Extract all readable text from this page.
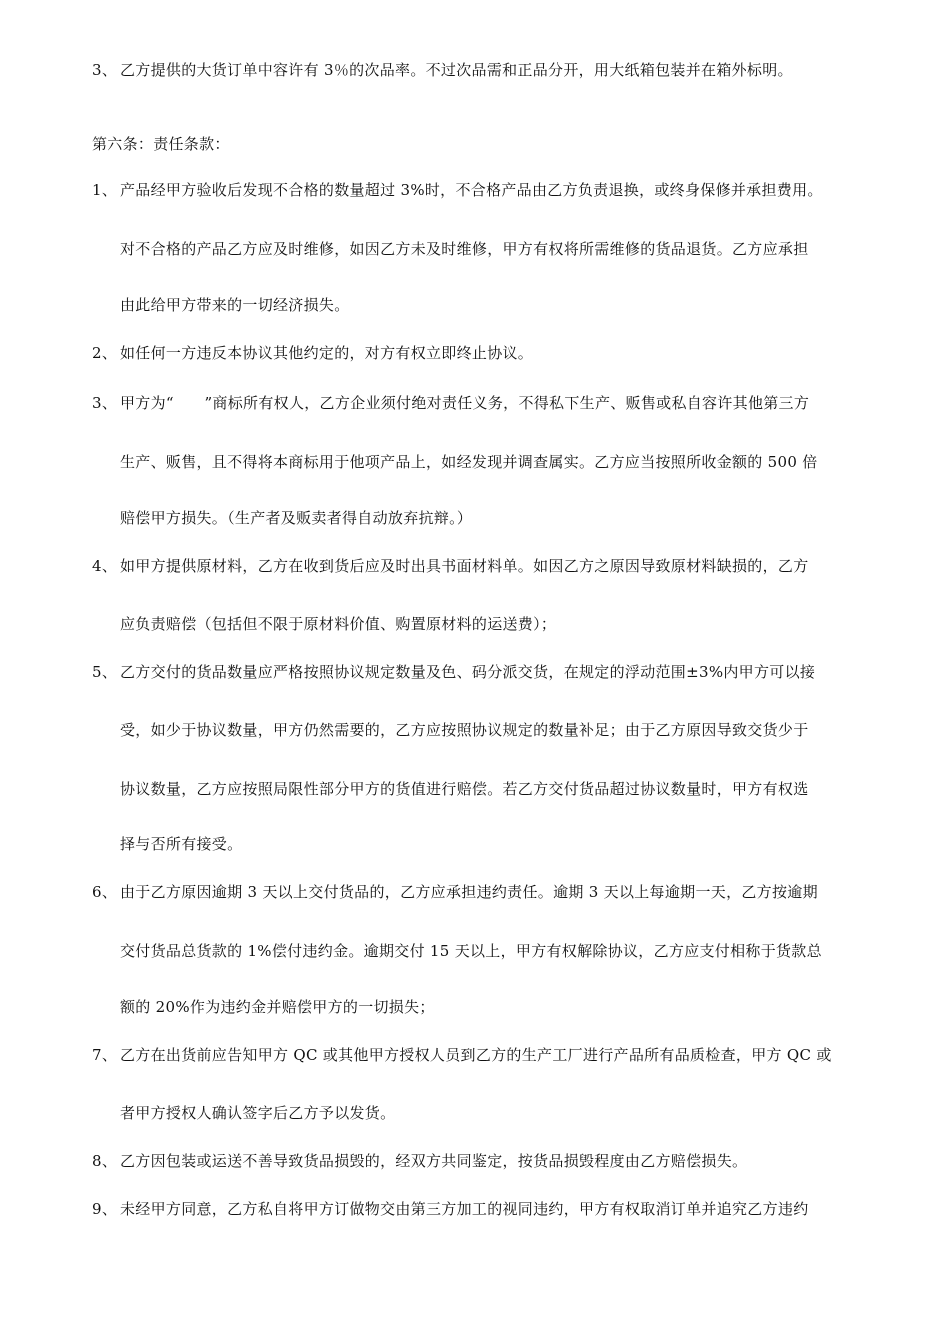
3、 乙方提供的大货订单中容许有 3％的次品率。不过次品需和正品分开，用大纸箱包装并在箱外标明。
第六条：责任条款：
1、 产品经甲方验收后发现不合格的数量超过 3%时，不合格产品由乙方负责退换，或终身保修并承担费用。
对不合格的产品乙方应及时维修，如因乙方未及时维修，甲方有权将所需维修的货品退货。乙方应承担
由此给甲方带来的一切经济损失。
2、 如任何一方违反本协议其他约定的，对方有权立即终止协议。
3、 甲方为“　　”商标所有权人，乙方企业须付绝对责任义务，不得私下生产、贩售或私自容许其他第三方
生产、贩售，且不得将本商标用于他项产品上，如经发现并调查属实。乙方应当按照所收金额的 500 倍
赔偿甲方损失。（生产者及贩卖者得自动放弃抗辩。）
4、 如甲方提供原材料，乙方在收到货后应及时出具书面材料单。如因乙方之原因导致原材料缺损的，乙方
应负责赔偿（包括但不限于原材料价值、购置原材料的运送费）；
5、 乙方交付的货品数量应严格按照协议规定数量及色、码分派交货，在规定的浮动范围±3%内甲方可以接
受，如少于协议数量，甲方仍然需要的，乙方应按照协议规定的数量补足；由于乙方原因导致交货少于
协议数量，乙方应按照局限性部分甲方的货值进行赔偿。若乙方交付货品超过协议数量时，甲方有权选
择与否所有接受。
6、 由于乙方原因逾期 3 天以上交付货品的，乙方应承担违约责任。逾期 3 天以上每逾期一天，乙方按逾期
交付货品总货款的 1%偿付违约金。逾期交付 15 天以上，甲方有权解除协议，乙方应支付相称于货款总
额的 20%作为违约金并赔偿甲方的一切损失；
7、 乙方在出货前应告知甲方 QC 或其他甲方授权人员到乙方的生产工厂进行产品所有品质检查，甲方 QC 或
者甲方授权人确认签字后乙方予以发货。
8、 乙方因包装或运送不善导致货品损毁的，经双方共同鉴定，按货品损毁程度由乙方赔偿损失。
9、 未经甲方同意，乙方私自将甲方订做物交由第三方加工的视同违约，甲方有权取消订单并追究乙方违约
